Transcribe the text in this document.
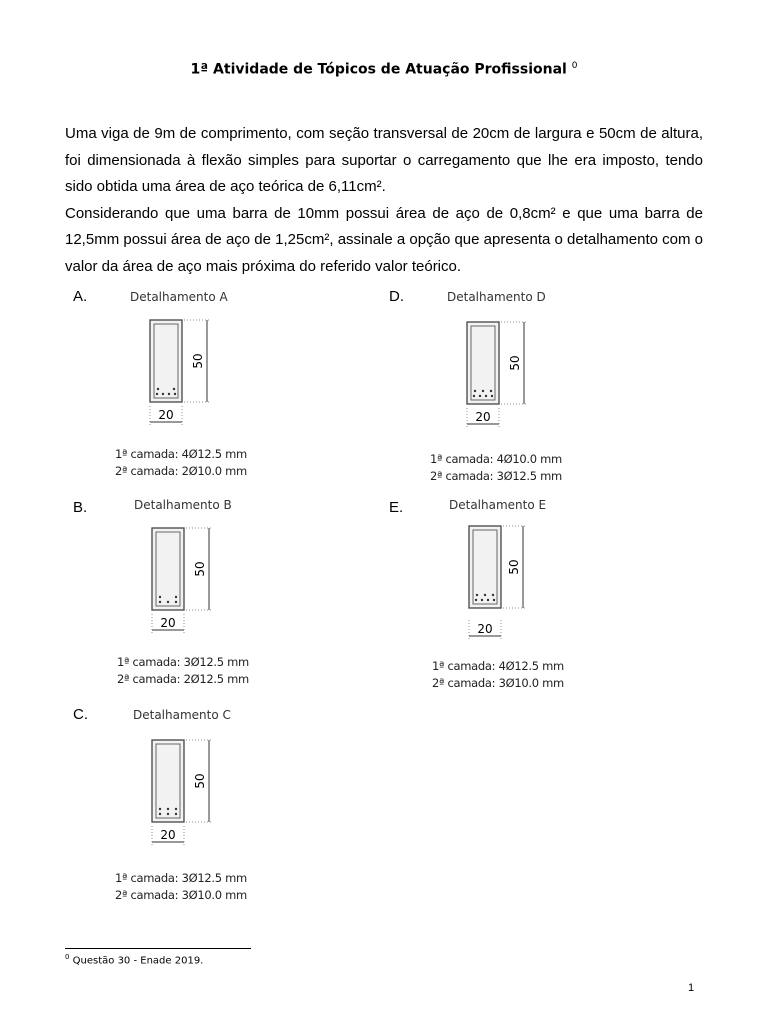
1ª Atividade de Tópicos de Atuação Profissional $^0$

Uma viga de 9m de comprimento, com seção transversal de 20cm de largura e 50cm de altura, foi dimensionada à flexão simples para suportar o carregamento que lhe era imposto, tendo sido obtida uma área de aço teórica de 6,11cm².

Considerando que uma barra de 10mm possui área de aço de 0,8cm² e que uma barra de 12,5mm possui área de aço de 1,25cm², assinale a opção que apresenta o detalhamento com o valor da área de aço mais próxima do referido valor teórico.

A.	Detalhamento A
50
20
1ª camada: 4Ø12.5 mm
2ª camada: 2Ø10.0 mm
B.	Detalhamento B
50
20
1ª camada: 3Ø12.5 mm
2ª camada: 2Ø12.5 mm
C.	Detalhamento C
50
20
1ª camada: 3Ø12.5 mm
2ª camada: 3Ø10.0 mm
D.	Detalhamento D
50
20
1ª camada: 4Ø10.0 mm
2ª camada: 3Ø12.5 mm
E.	Detalhamento E
50
20
1ª camada: 4Ø12.5 mm
2ª camada: 3Ø10.0 mm
$^0$ Questão 30 - Enade 2019.
1
